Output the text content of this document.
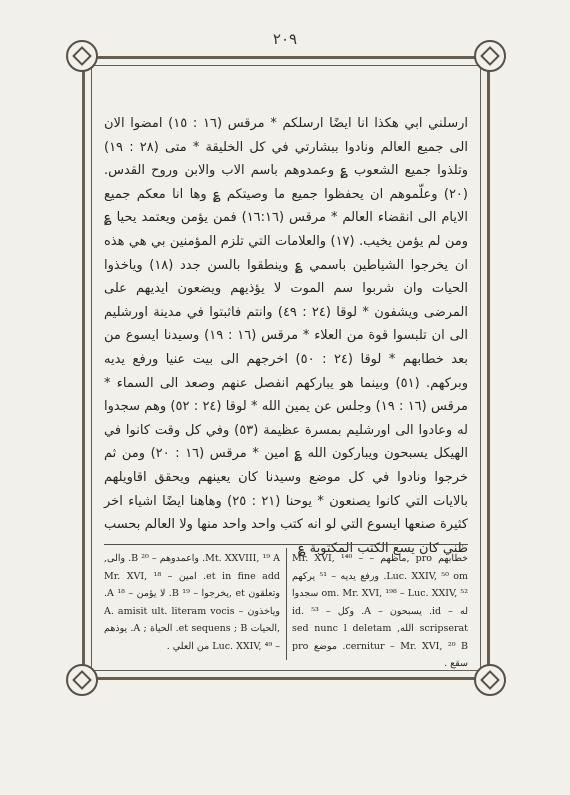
۲۰۹

ارسلني ابي هكذا انا ايضًا ارسلكم * مرقس (١٦ : ١٥) امضوا الان الى جميع العالم ونادوا ببشارتي في كل الخليقة * متى (٢٨ : ١٩) وتلذوا جميع الشعوب ؏ وعمدوهم باسم الاب والابن وروح القدس. (٢٠) وعلّموهم ان يحفظوا جميع ما وصيتكم ؏ وها انا معكم جميع الايام الى انقضاء العالم * مرقس (١٦:١٦) فمن يؤمن ويعتمد يحيا ؏ ومن لم يؤمن يخيب. (١٧) والعلامات التي تلزم المؤمنين بي هي هذه ان يخرجوا الشياطين باسمي ؏ وينطقوا بالسن جدد (١٨) وياخذوا الحيات وان شربوا سم الموت لا يؤذيهم ويضعون ايديهم على المرضى ويشفون * لوقا (٢٤ : ٤٩) وانتم فاثبتوا في مدينة اورشليم الى ان تلبسوا قوة من العلاء * مرقس (١٦ : ١٩) وسيدنا ايسوع من بعد خطابهم * لوقا (٢٤ : ٥٠) اخرجهم الى بيت عنيا ورفع يديه وبركهم. (٥١) وبينما هو يباركهم انفصل عنهم وصعد الى السماء * مرقس (١٦ : ١٩) وجلس عن يمين الله * لوقا (٢٤ : ٥٢) وهم سجدوا له وعادوا الى اورشليم بمسرة عظيمة (٥٣) وفي كل وقت كانوا في الهيكل يسبحون ويباركون الله ؏ امين * مرقس (١٦ : ٢٠) ومن ثم خرجوا ونادوا في كل موضع وسيدنا كان يعينهم ويحقق اقاويلهم بالايات التي كانوا يصنعون * يوحنا (٢١ : ٢٥) وهاهنا ايضًا اشياء اخر كثيرة صنعها ايسوع التي لو انه كتب واحد واحد منها ولا العالم بحسب ظني كان يسع الكتب المكتوبة ؏

خطابهم pro ,ماظهم – Mr. XVI, ¹⁴⁰ – Luc. XXIV, ⁵⁰ om. ورفع يديه – ⁵¹ يركهم om. Mr. XVI, ¹⁹⁸ – Luc. XXIV, ⁵² سجدوا له – id. يسبحون – A. وكل – ⁵³ id. scripserat الله, sed nunc l deletam cernitur – Mr. XVI, ²⁰ B. موضع pro سقع .

Mt. XXVIII, ¹⁹ A. واعمدوهم – ²⁰ B. والى, et in fine add. امين – Mr. XVI, ¹⁸ وتعلقون et ,يخرجوا – ¹⁹ B. لا يؤمن – ¹⁸ A. وياخذون – A. amisit ult. literam vocis ,الحيات et sequens ; B. الحياة ; A. يوذهم – Luc. XXIV, ⁴⁹ من العلي .
